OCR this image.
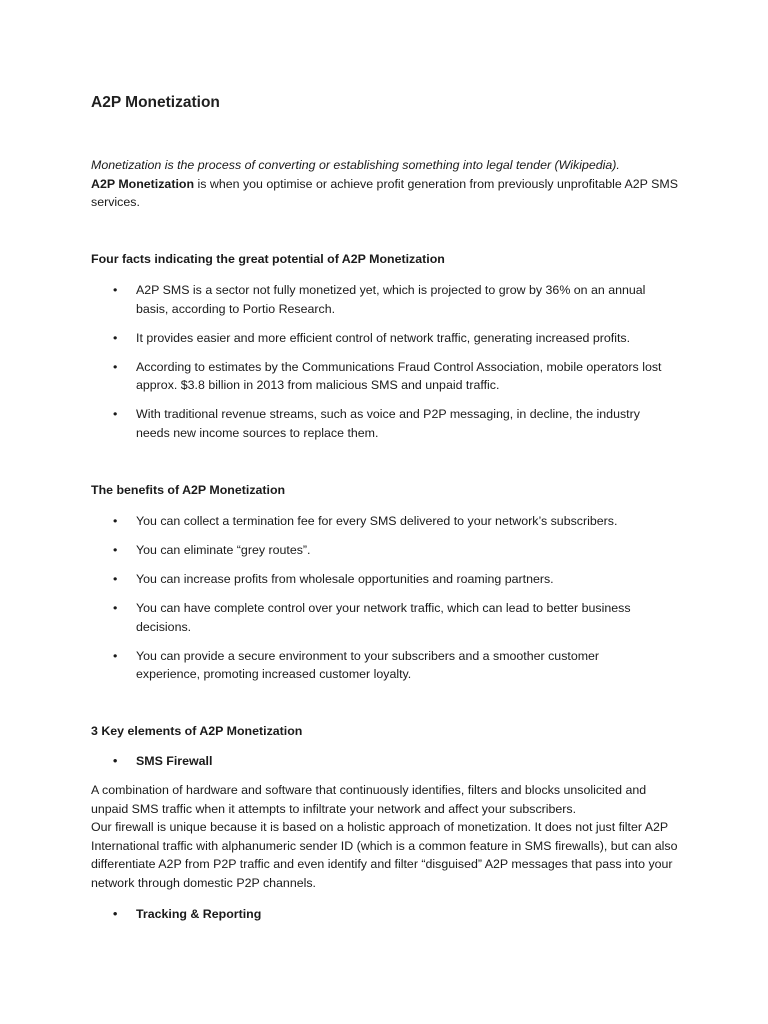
A2P Monetization

Monetization is the process of converting or establishing something into legal tender (Wikipedia).
A2P Monetization is when you optimise or achieve profit generation from previously unprofitable A2P SMS services.

Four facts indicating the great potential of A2P Monetization
• A2P SMS is a sector not fully monetized yet, which is projected to grow by 36% on an annual basis, according to Portio Research.
• It provides easier and more efficient control of network traffic, generating increased profits.
• According to estimates by the Communications Fraud Control Association, mobile operators lost approx. $3.8 billion in 2013 from malicious SMS and unpaid traffic.
• With traditional revenue streams, such as voice and P2P messaging, in decline, the industry needs new income sources to replace them.
The benefits of A2P Monetization
• You can collect a termination fee for every SMS delivered to your network’s subscribers.
• You can eliminate “grey routes”.
• You can increase profits from wholesale opportunities and roaming partners.
• You can have complete control over your network traffic, which can lead to better business decisions.
• You can provide a secure environment to your subscribers and a smoother customer experience, promoting increased customer loyalty.
3 Key elements of A2P Monetization
• SMS Firewall

A combination of hardware and software that continuously identifies, filters and blocks unsolicited and unpaid SMS traffic when it attempts to infiltrate your network and affect your subscribers.
Our firewall is unique because it is based on a holistic approach of monetization. It does not just filter A2P International traffic with alphanumeric sender ID (which is a common feature in SMS firewalls), but can also differentiate A2P from P2P traffic and even identify and filter “disguised” A2P messages that pass into your network through domestic P2P channels.

• Tracking & Reporting
